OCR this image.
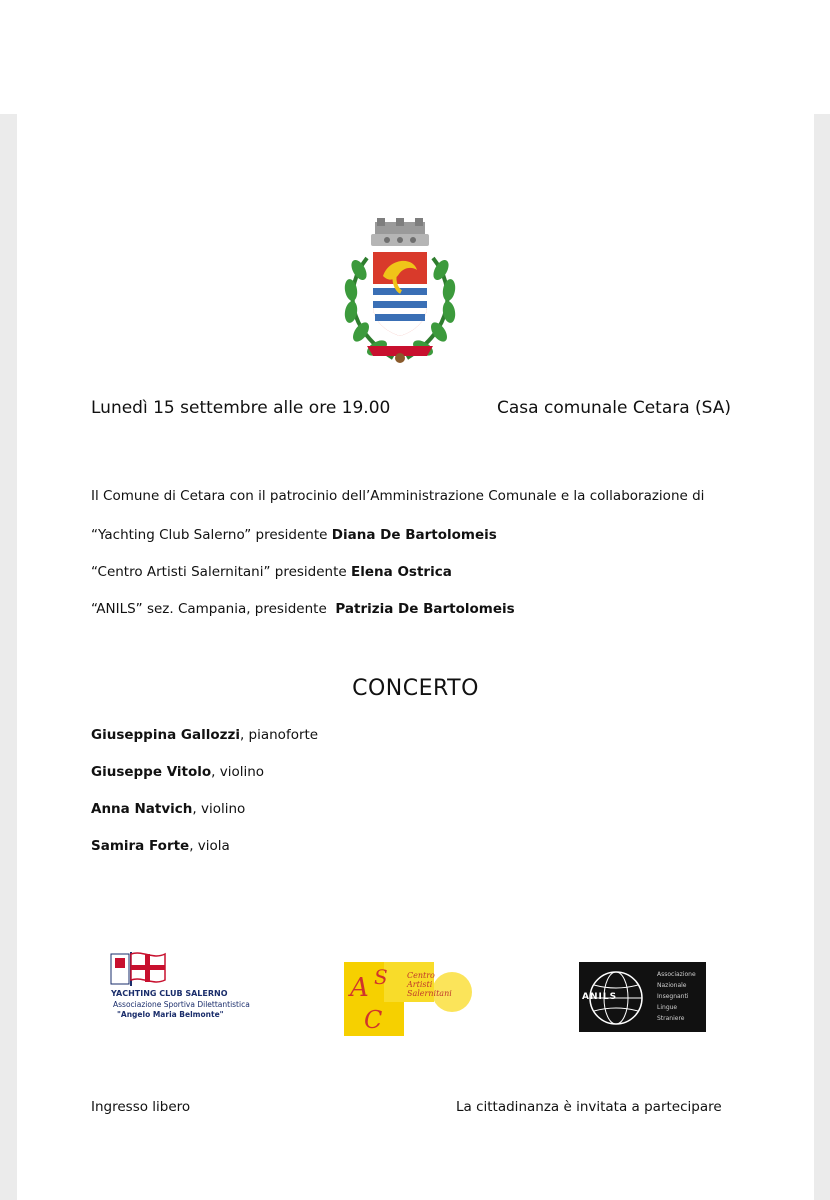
Lunedì 15 settembre alle ore 19.00	Casa comunale Cetara (SA)
Il Comune di Cetara con il patrocinio dell’Amministrazione Comunale e la collaborazione di
“Yachting Club Salerno” presidente Diana De Bartolomeis
“Centro Artisti Salernitani” presidente Elena Ostrica
“ANILS” sez. Campania, presidente  Patrizia De Bartolomeis
CONCERTO
Giuseppina Gallozzi, pianoforte
Giuseppe Vitolo, violino
Anna Natvich, violino
Samira Forte, viola
YACHTING CLUB SALERNO
Associazione Sportiva Dilettantistica
"Angelo Maria Belmonte"
A S
C
Centro
Artisti
Salernitani	ANILS
Associazione
Nazionale
Insegnanti
Lingue
Straniere
Ingresso libero	La cittadinanza è invitata a partecipare
